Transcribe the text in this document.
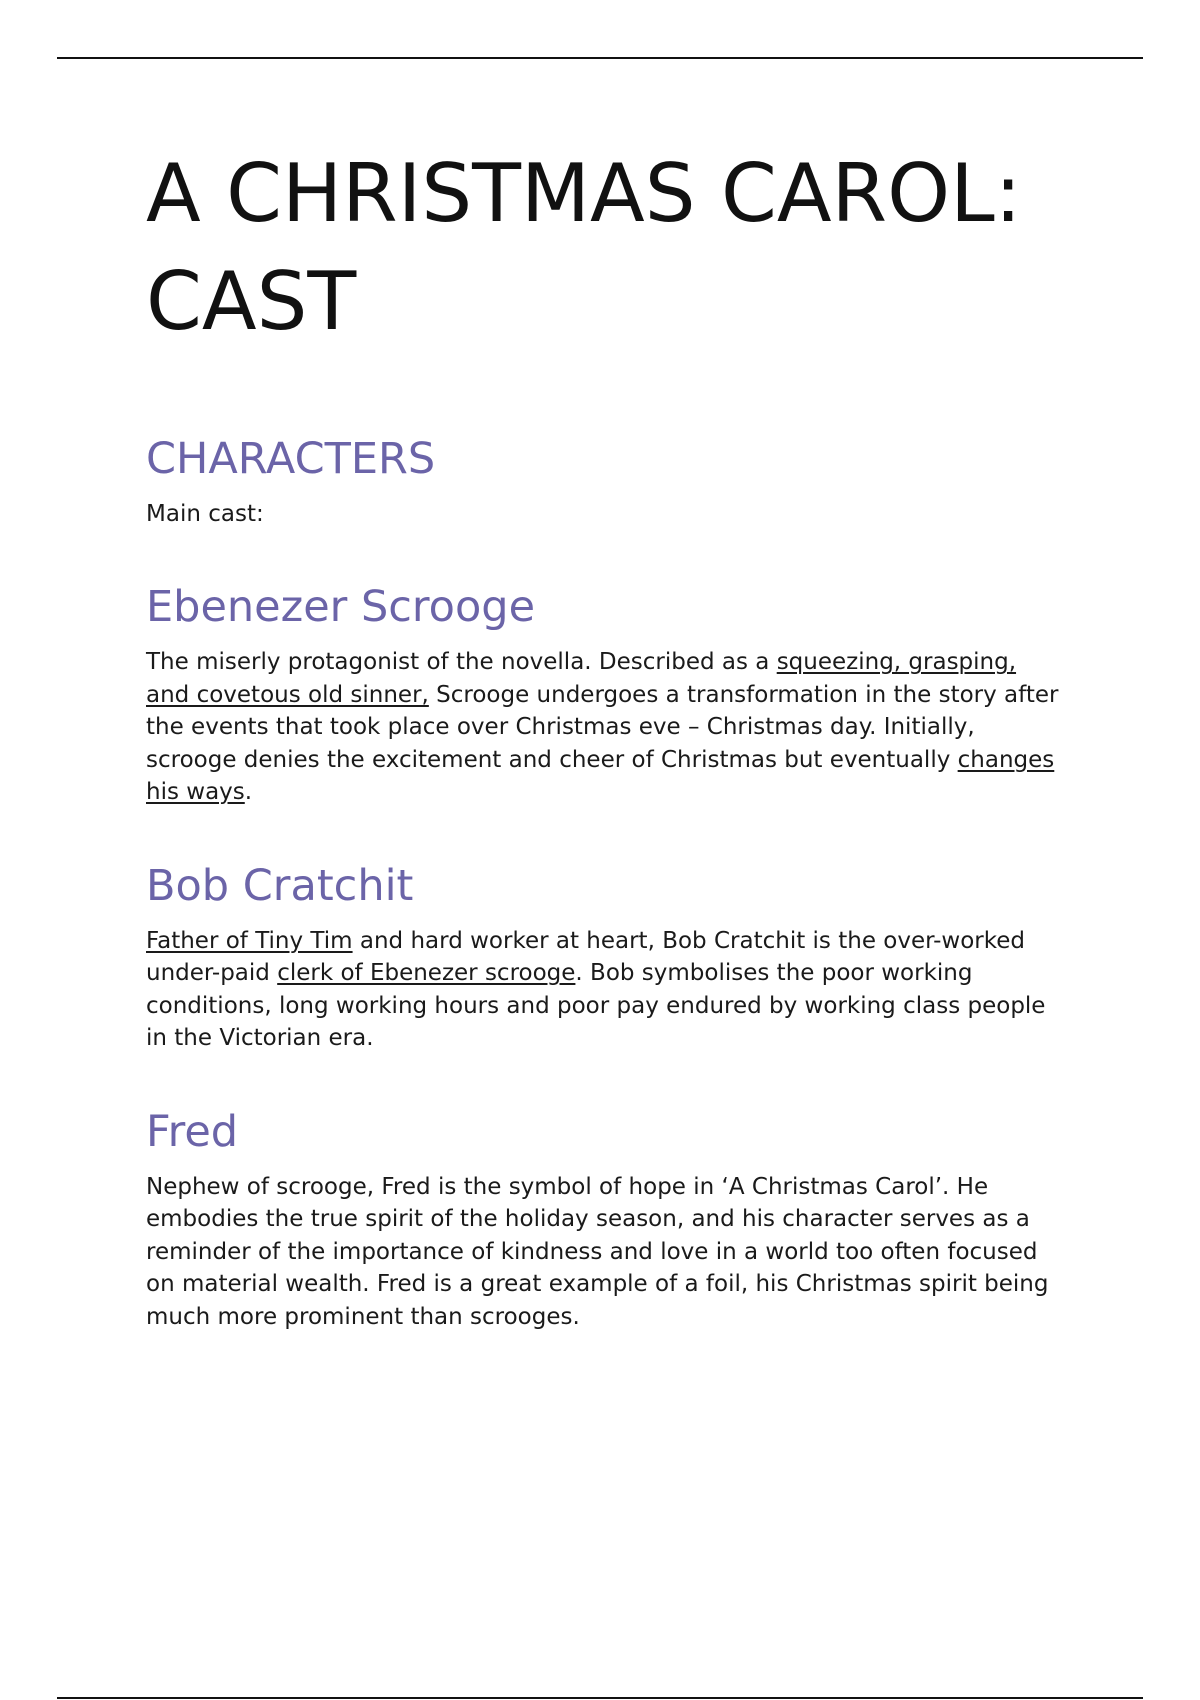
A CHRISTMAS CAROL:
CAST
CHARACTERS

Main cast:

Ebenezer Scrooge

The miserly protagonist of the novella. Described as a squeezing, grasping, and covetous old sinner, Scrooge undergoes a transformation in the story after the events that took place over Christmas eve – Christmas day. Initially, scrooge denies the excitement and cheer of Christmas but eventually changes his ways.

Bob Cratchit

Father of Tiny Tim and hard worker at heart, Bob Cratchit is the over-worked under-paid clerk of Ebenezer scrooge. Bob symbolises the poor working conditions, long working hours and poor pay endured by working class people in the Victorian era.

Fred

Nephew of scrooge, Fred is the symbol of hope in ‘A Christmas Carol’. He embodies the true spirit of the holiday season, and his character serves as a reminder of the importance of kindness and love in a world too often focused on material wealth. Fred is a great example of a foil, his Christmas spirit being much more prominent than scrooges.
